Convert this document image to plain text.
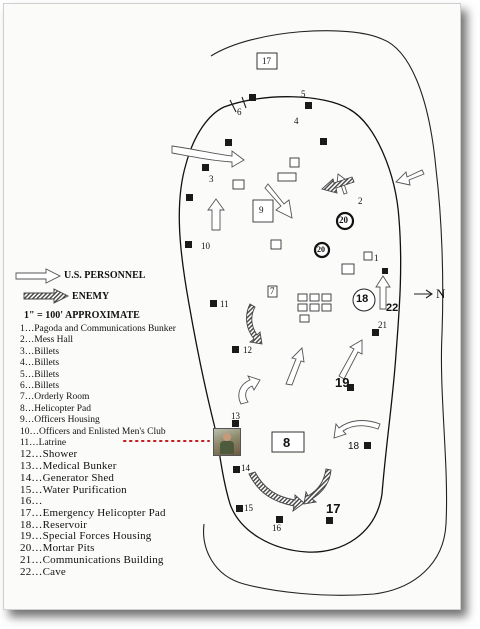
17
20
20
18
22
19
8	18
17
N
1
2
3
4
5
6
7
9
10
11
12
13
14
15
16
21
U.S. PERSONNEL
ENEMY
1" = 100' APPROXIMATE
1…Pagoda and Communications Bunker
2…Mess Hall
3…Billets
4…Billets
5…Billets
6…Billets
7…Orderly Room
8…Helicopter Pad
9…Officers Housing
10…Officers and Enlisted Men's Club
11…Latrine
12…Shower
13…Medical Bunker
14…Generator Shed
15…Water Purification
16…
17…Emergency Helicopter Pad
18…Reservoir
19…Special Forces Housing
20…Mortar Pits
21…Communications Building
22…Cave
